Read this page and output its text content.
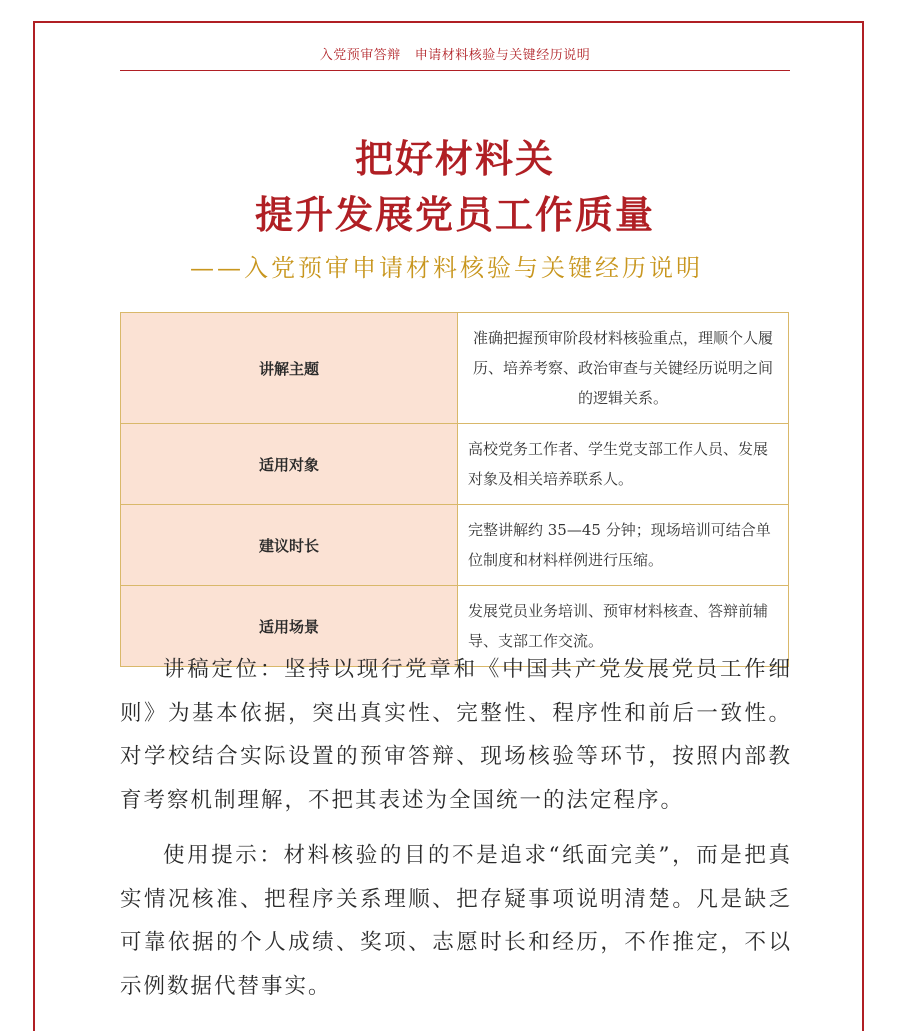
入党预审答辩 申请材料核验与关键经历说明
把好材料关
提升发展党员工作质量
——入党预审申请材料核验与关键经历说明
讲解主题	准确把握预审阶段材料核验重点，理顺个人履历、培养考察、政治审查与关键经历说明之间的逻辑关系。
适用对象	高校党务工作者、学生党支部工作人员、发展对象及相关培养联系人。
建议时长	完整讲解约 35—45 分钟；现场培训可结合单位制度和材料样例进行压缩。
适用场景	发展党员业务培训、预审材料核查、答辩前辅导、支部工作交流。
讲稿定位：坚持以现行党章和《中国共产党发展党员工作细则》为基本依据，突出真实性、完整性、程序性和前后一致性。对学校结合实际设置的预审答辩、现场核验等环节，按照内部教育考察机制理解，不把其表述为全国统一的法定程序。
使用提示：材料核验的目的不是追求“纸面完美”，而是把真实情况核准、把程序关系理顺、把存疑事项说明清楚。凡是缺乏可靠依据的个人成绩、奖项、志愿时长和经历，不作推定，不以示例数据代替事实。
